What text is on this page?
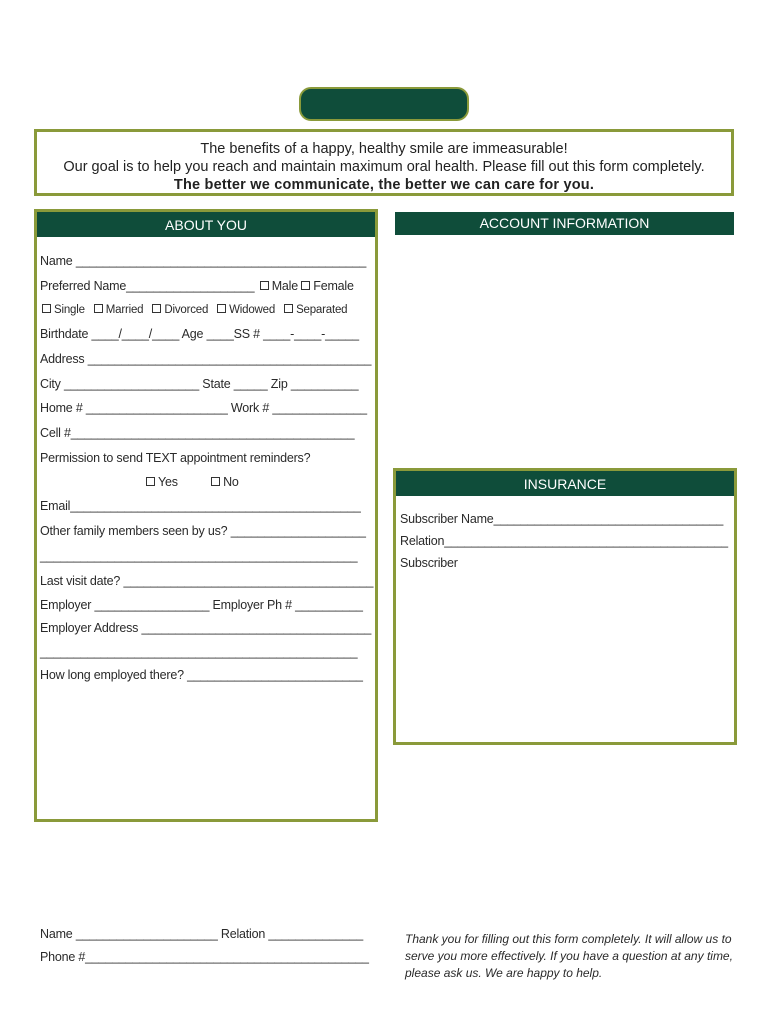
The benefits of a happy, healthy smile are immeasurable!
Our goal is to help you reach and maintain maximum oral health. Please fill out this form completely.
The better we communicate, the better we can care for you.
ABOUT YOU
Name ___________________________________________
Preferred Name___________________ Male Female
Single Married Divorced Widowed Separated
Birthdate ____/____/____ Age ____SS # ____-____-_____
Address __________________________________________
City ____________________ State _____ Zip __________
Home # _____________________ Work # ______________
Cell #__________________________________________
Permission to send TEXT appointment reminders?
Yes	No
Email___________________________________________
Other family members seen by us? ____________________
_______________________________________________
Last visit date? _____________________________________
Employer _________________ Employer Ph # __________
Employer Address __________________________________
_______________________________________________
How long employed there? __________________________
ACCOUNT INFORMATION
INSURANCE
Subscriber Name__________________________________
Relation__________________________________________
Subscriber
Name _____________________ Relation ______________
Phone #__________________________________________
Thank you for filling out this form completely. It will allow us to serve you more effectively. If you have a question at any time, please ask us. We are happy to help.
